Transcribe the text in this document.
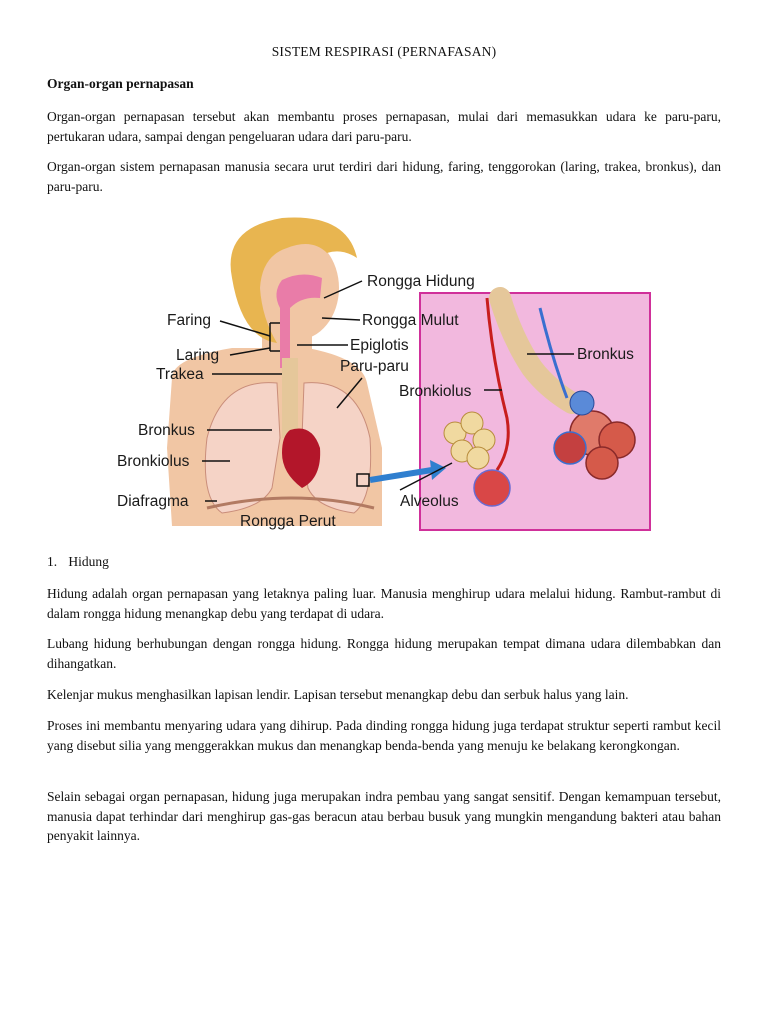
SISTEM RESPIRASI (PERNAFASAN)
Organ-organ pernapasan

Organ-organ pernapasan tersebut akan membantu proses pernapasan, mulai dari memasukkan udara ke paru-paru, pertukaran udara, sampai dengan pengeluaran udara dari paru-paru.

Organ-organ sistem pernapasan manusia secara urut terdiri dari hidung, faring, tenggorokan (laring, trakea, bronkus), dan paru-paru.

Rongga Hidung
Faring	Rongga Mulut
Epiglotis
Laring
Paru-paru
Trakea
Bronkus
Bronkiolus
Bronkus
Bronkiolus
Diafragma	Alveolus
Rongga Perut
1. Hidung

Hidung adalah organ pernapasan yang letaknya paling luar. Manusia menghirup udara melalui hidung. Rambut-rambut di dalam rongga hidung menangkap debu yang terdapat di udara.

Lubang hidung berhubungan dengan rongga hidung. Rongga hidung merupakan tempat dimana udara dilembabkan dan dihangatkan.

Kelenjar mukus menghasilkan lapisan lendir. Lapisan tersebut menangkap debu dan serbuk halus yang lain.

Proses ini membantu menyaring udara yang dihirup. Pada dinding rongga hidung juga terdapat struktur seperti rambut kecil yang disebut silia yang menggerakkan mukus dan menangkap benda-benda yang menuju ke belakang kerongkongan.

Selain sebagai organ pernapasan, hidung juga merupakan indra pembau yang sangat sensitif. Dengan kemampuan tersebut, manusia dapat terhindar dari menghirup gas-gas beracun atau berbau busuk yang mungkin mengandung bakteri atau bahan penyakit lainnya.
